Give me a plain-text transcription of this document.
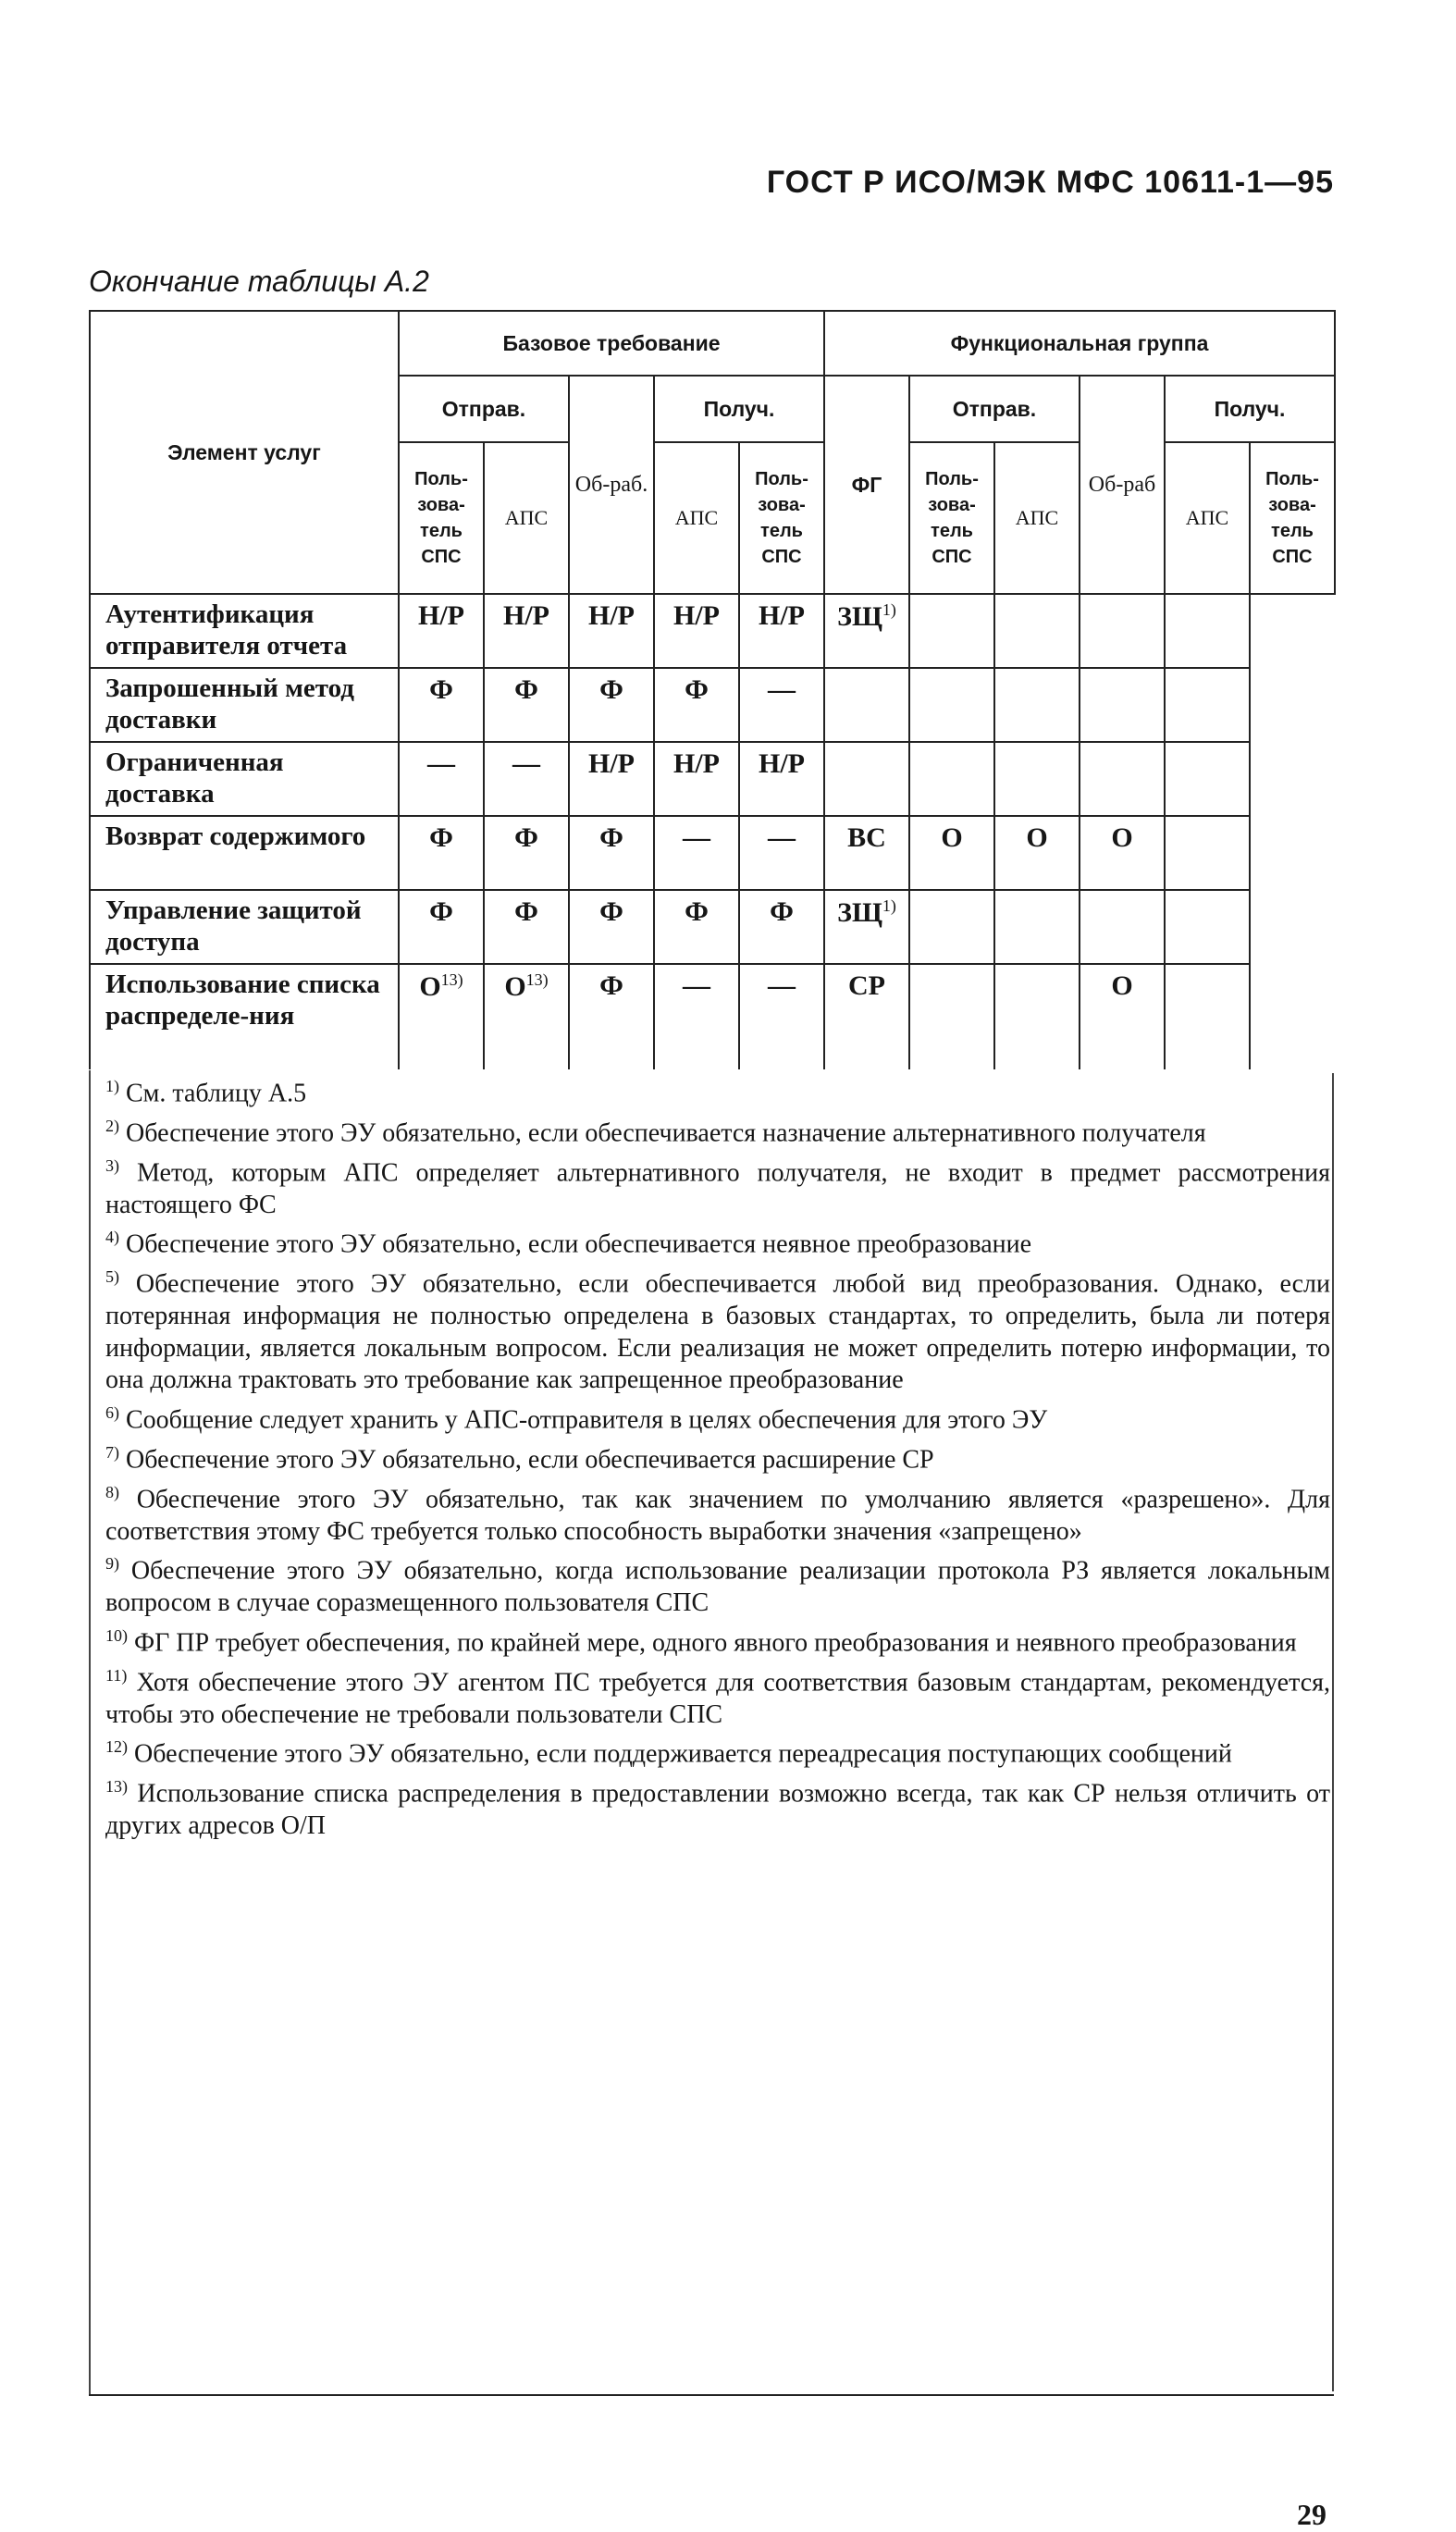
ГОСТ Р ИСО/МЭК МФС 10611-1—95
Окончание таблицы А.2
Элемент услуг	Базовое требование					Функциональная группа					
	Отправ.		Об-раб.	Получ.		ФГ	Отправ.		Об-раб	Получ.	

	Поль-зова-тель СПС	АПС		АПС	Поль-зова-тель СПС		Поль-зова-тель СПС	АПС		АПС	Поль-зова-тель СПС

Аутентификация отправителя отчета	Н/Р	Н/Р	Н/Р	Н/Р	Н/Р	ЗЩ$^{1)}$				
Запрошенный метод доставки	Ф	Ф	Ф	Ф	—						
Ограниченная доставка	—	—	Н/Р	Н/Р	Н/Р						
Возврат содержимого	Ф	Ф	Ф	—	—	ВС	О	О	О		
Управление защитой доступа	Ф	Ф	Ф	Ф	Ф	ЗЩ$^{1)}$				
Использование списка распределе-ния	$О^{13)}$	$О^{13)}$	Ф	—	—	СР			О		

$^{1)}$ См. таблицу А.5

$^{2)}$ Обеспечение этого ЭУ обязательно, если обеспечивается назначение альтернативного получателя

$^{3)}$ Метод, которым АПС определяет альтернативного получателя, не входит в предмет рассмотрения настоящего ФС

$^{4)}$ Обеспечение этого ЭУ обязательно, если обеспечивается неявное преобразование

$^{5)}$ Обеспечение этого ЭУ обязательно, если обеспечивается любой вид преобразования. Однако, если потерянная информация не полностью определена в базовых стандартах, то определить, была ли потеря информации, является локальным вопросом. Если реализация не может определить потерю информации, то она должна трактовать это требование как запрещенное преобразование

$^{6)}$ Сообщение следует хранить у АПС-отправителя в целях обеспечения для этого ЭУ

$^{7)}$ Обеспечение этого ЭУ обязательно, если обеспечивается расширение СР

$^{8)}$ Обеспечение этого ЭУ обязательно, так как значением по умолчанию является «разрешено». Для соответствия этому ФС требуется только способность выработки значения «запрещено»

$^{9)}$ Обеспечение этого ЭУ обязательно, когда использование реализации протокола РЗ является локальным вопросом в случае соразмещенного пользователя СПС

$^{10)}$ ФГ ПР требует обеспечения, по крайней мере, одного явного преобразования и неявного преобразования

$^{11)}$ Хотя обеспечение этого ЭУ агентом ПС требуется для соответствия базовым стандартам, рекомендуется, чтобы это обеспечение не требовали пользователи СПС

$^{12)}$ Обеспечение этого ЭУ обязательно, если поддерживается переадресация поступающих сообщений

$^{13)}$ Использование списка распределения в предоставлении возможно всегда, так как СР нельзя отличить от других адресов О/П

29
